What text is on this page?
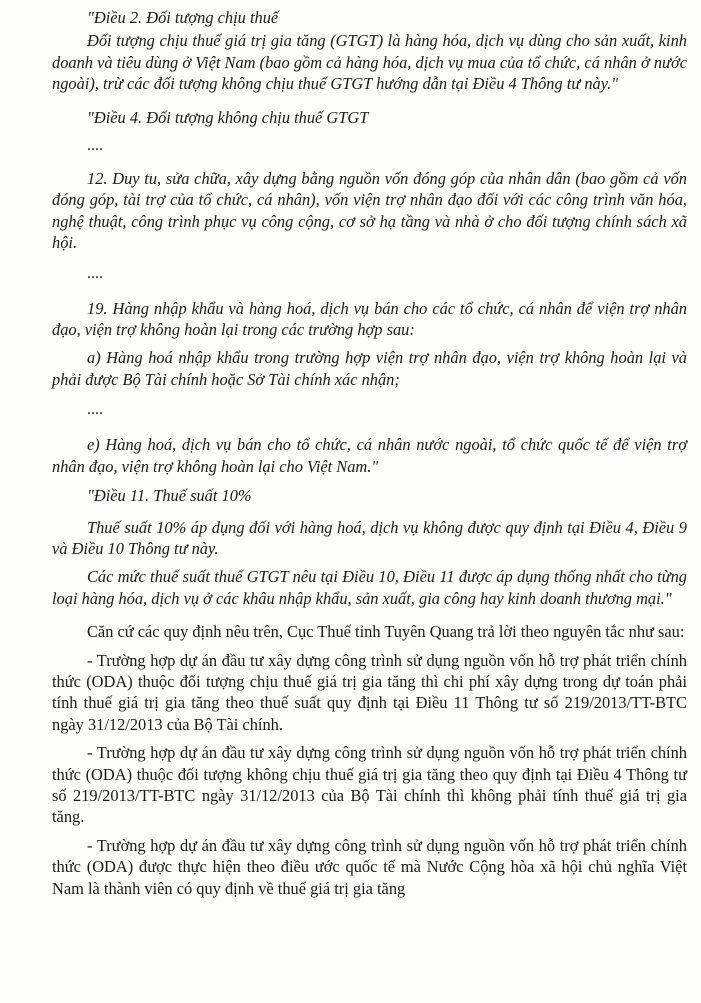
"Điều 2. Đối tượng chịu thuế

Đối tượng chịu thuế giá trị gia tăng (GTGT) là hàng hóa, dịch vụ dùng cho sản xuất, kinh doanh và tiêu dùng ở Việt Nam (bao gồm cả hàng hóa, dịch vụ mua của tổ chức, cá nhân ở nước ngoài), trừ các đối tượng không chịu thuế GTGT hướng dẫn tại Điều 4 Thông tư này."

"Điều 4. Đối tượng không chịu thuế GTGT

....

12. Duy tu, sửa chữa, xây dựng bằng nguồn vốn đóng góp của nhân dân (bao gồm cả vốn đóng góp, tài trợ của tổ chức, cá nhân), vốn viện trợ nhân đạo đối với các công trình văn hóa, nghệ thuật, công trình phục vụ công cộng, cơ sở hạ tầng và nhà ở cho đối tượng chính sách xã hội.

....

19. Hàng nhập khẩu và hàng hoá, dịch vụ bán cho các tổ chức, cá nhân để viện trợ nhân đạo, viện trợ không hoàn lại trong các trường hợp sau:

a) Hàng hoá nhập khẩu trong trường hợp viện trợ nhân đạo, viện trợ không hoàn lại và phải được Bộ Tài chính hoặc Sở Tài chính xác nhận;

....

e) Hàng hoá, dịch vụ bán cho tổ chức, cá nhân nước ngoài, tổ chức quốc tế để viện trợ nhân đạo, viện trợ không hoàn lại cho Việt Nam."

"Điều 11. Thuế suất 10%

Thuế suất 10% áp dụng đối với hàng hoá, dịch vụ không được quy định tại Điều 4, Điều 9 và Điều 10 Thông tư này.

Các mức thuế suất thuế GTGT nêu tại Điều 10, Điều 11 được áp dụng thống nhất cho từng loại hàng hóa, dịch vụ ở các khâu nhập khẩu, sản xuất, gia công hay kinh doanh thương mại."

Căn cứ các quy định nêu trên, Cục Thuế tỉnh Tuyên Quang trả lời theo nguyên tắc như sau:

- Trường hợp dự án đầu tư xây dựng công trình sử dụng nguồn vốn hỗ trợ phát triển chính thức (ODA) thuộc đối tượng chịu thuế giá trị gia tăng thì chi phí xây dựng trong dự toán phải tính thuế giá trị gia tăng theo thuế suất quy định tại Điều 11 Thông tư số 219/2013/TT-BTC ngày 31/12/2013 của Bộ Tài chính.

- Trường hợp dự án đầu tư xây dựng công trình sử dụng nguồn vốn hỗ trợ phát triển chính thức (ODA) thuộc đối tượng không chịu thuế giá trị gia tăng theo quy định tại Điều 4 Thông tư số 219/2013/TT-BTC ngày 31/12/2013 của Bộ Tài chính thì không phải tính thuế giá trị gia tăng.

- Trường hợp dự án đầu tư xây dựng công trình sử dụng nguồn vốn hỗ trợ phát triển chính thức (ODA) được thực hiện theo điều ước quốc tế mà Nước Cộng hòa xã hội chủ nghĩa Việt Nam là thành viên có quy định về thuế giá trị gia tăng
